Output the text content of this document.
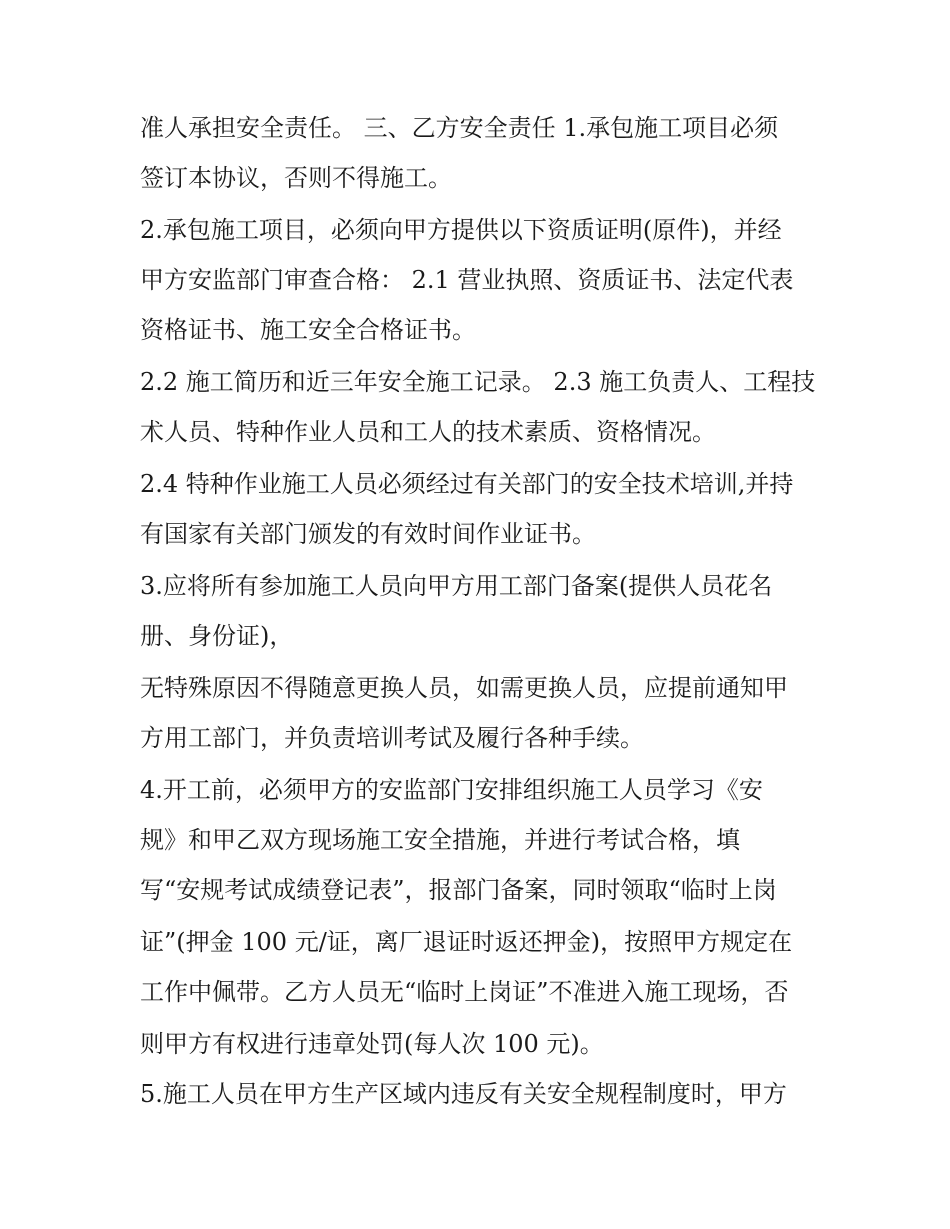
准人承担安全责任。 三、乙方安全责任 1.承包施工项目必须
签订本协议，否则不得施工。
2.承包施工项目，必须向甲方提供以下资质证明(原件)，并经
甲方安监部门审查合格： 2.1 营业执照、资质证书、法定代表
资格证书、施工安全合格证书。
2.2 施工简历和近三年安全施工记录。 2.3 施工负责人、工程技
术人员、特种作业人员和工人的技术素质、资格情况。
2.4 特种作业施工人员必须经过有关部门的安全技术培训,并持
有国家有关部门颁发的有效时间作业证书。
3.应将所有参加施工人员向甲方用工部门备案(提供人员花名
册、身份证)，
无特殊原因不得随意更换人员，如需更换人员，应提前通知甲
方用工部门，并负责培训考试及履行各种手续。
4.开工前，必须甲方的安监部门安排组织施工人员学习《安
规》和甲乙双方现场施工安全措施，并进行考试合格，填
写“安规考试成绩登记表”，报部门备案，同时领取“临时上岗
证”(押金 100 元/证，离厂退证时返还押金)，按照甲方规定在
工作中佩带。乙方人员无“临时上岗证”不准进入施工现场，否
则甲方有权进行违章处罚(每人次 100 元)。
5.施工人员在甲方生产区域内违反有关安全规程制度时，甲方
